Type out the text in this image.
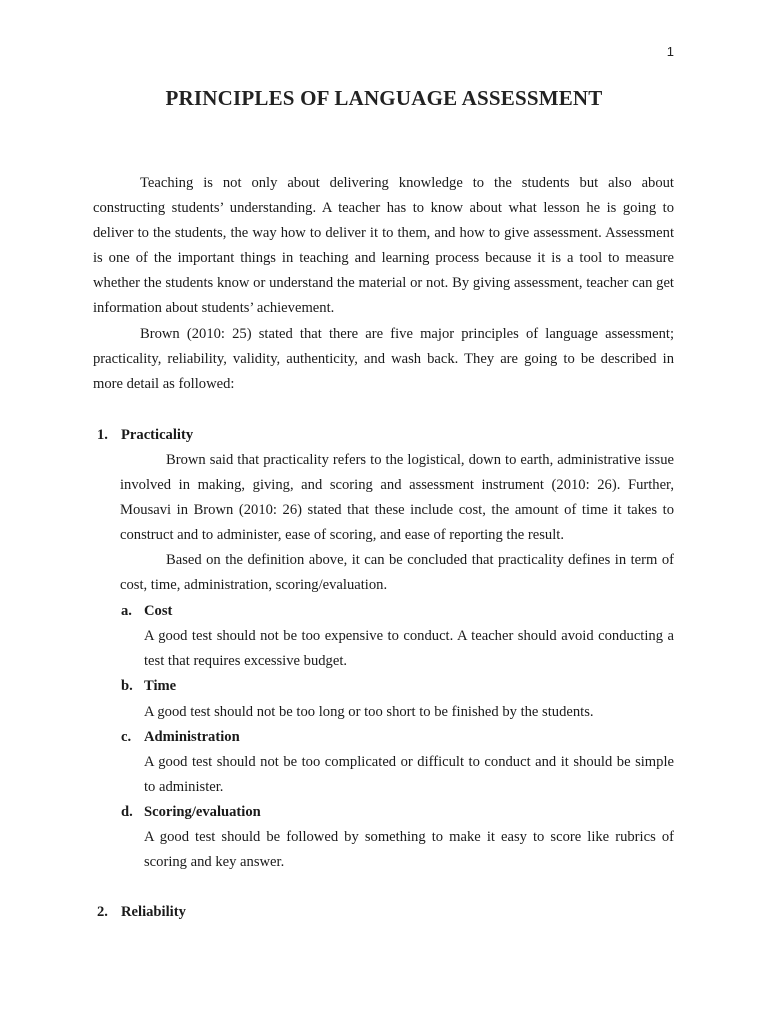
1
PRINCIPLES OF LANGUAGE ASSESSMENT

Teaching is not only about delivering knowledge to the students but also about constructing students’ understanding. A teacher has to know about what lesson he is going to deliver to the students, the way how to deliver it to them, and how to give assessment. Assessment is one of the important things in teaching and learning process because it is a tool to measure whether the students know or understand the material or not. By giving assessment, teacher can get information about students’ achievement.

Brown (2010: 25) stated that there are five major principles of language assessment; practicality, reliability, validity, authenticity, and wash back. They are going to be described in more detail as followed:

1. Practicality

Brown said that practicality refers to the logistical, down to earth, administrative issue involved in making, giving, and scoring and assessment instrument (2010: 26). Further, Mousavi in Brown (2010: 26) stated that these include cost, the amount of time it takes to construct and to administer, ease of scoring, and ease of reporting the result.

Based on the definition above, it can be concluded that practicality defines in term of cost, time, administration, scoring/evaluation.

a. Cost

A good test should not be too expensive to conduct. A teacher should avoid conducting a test that requires excessive budget.

b. Time

A good test should not be too long or too short to be finished by the students.

c. Administration

A good test should not be too complicated or difficult to conduct and it should be simple to administer.

d. Scoring/evaluation

A good test should be followed by something to make it easy to score like rubrics of scoring and key answer.

2. Reliability
